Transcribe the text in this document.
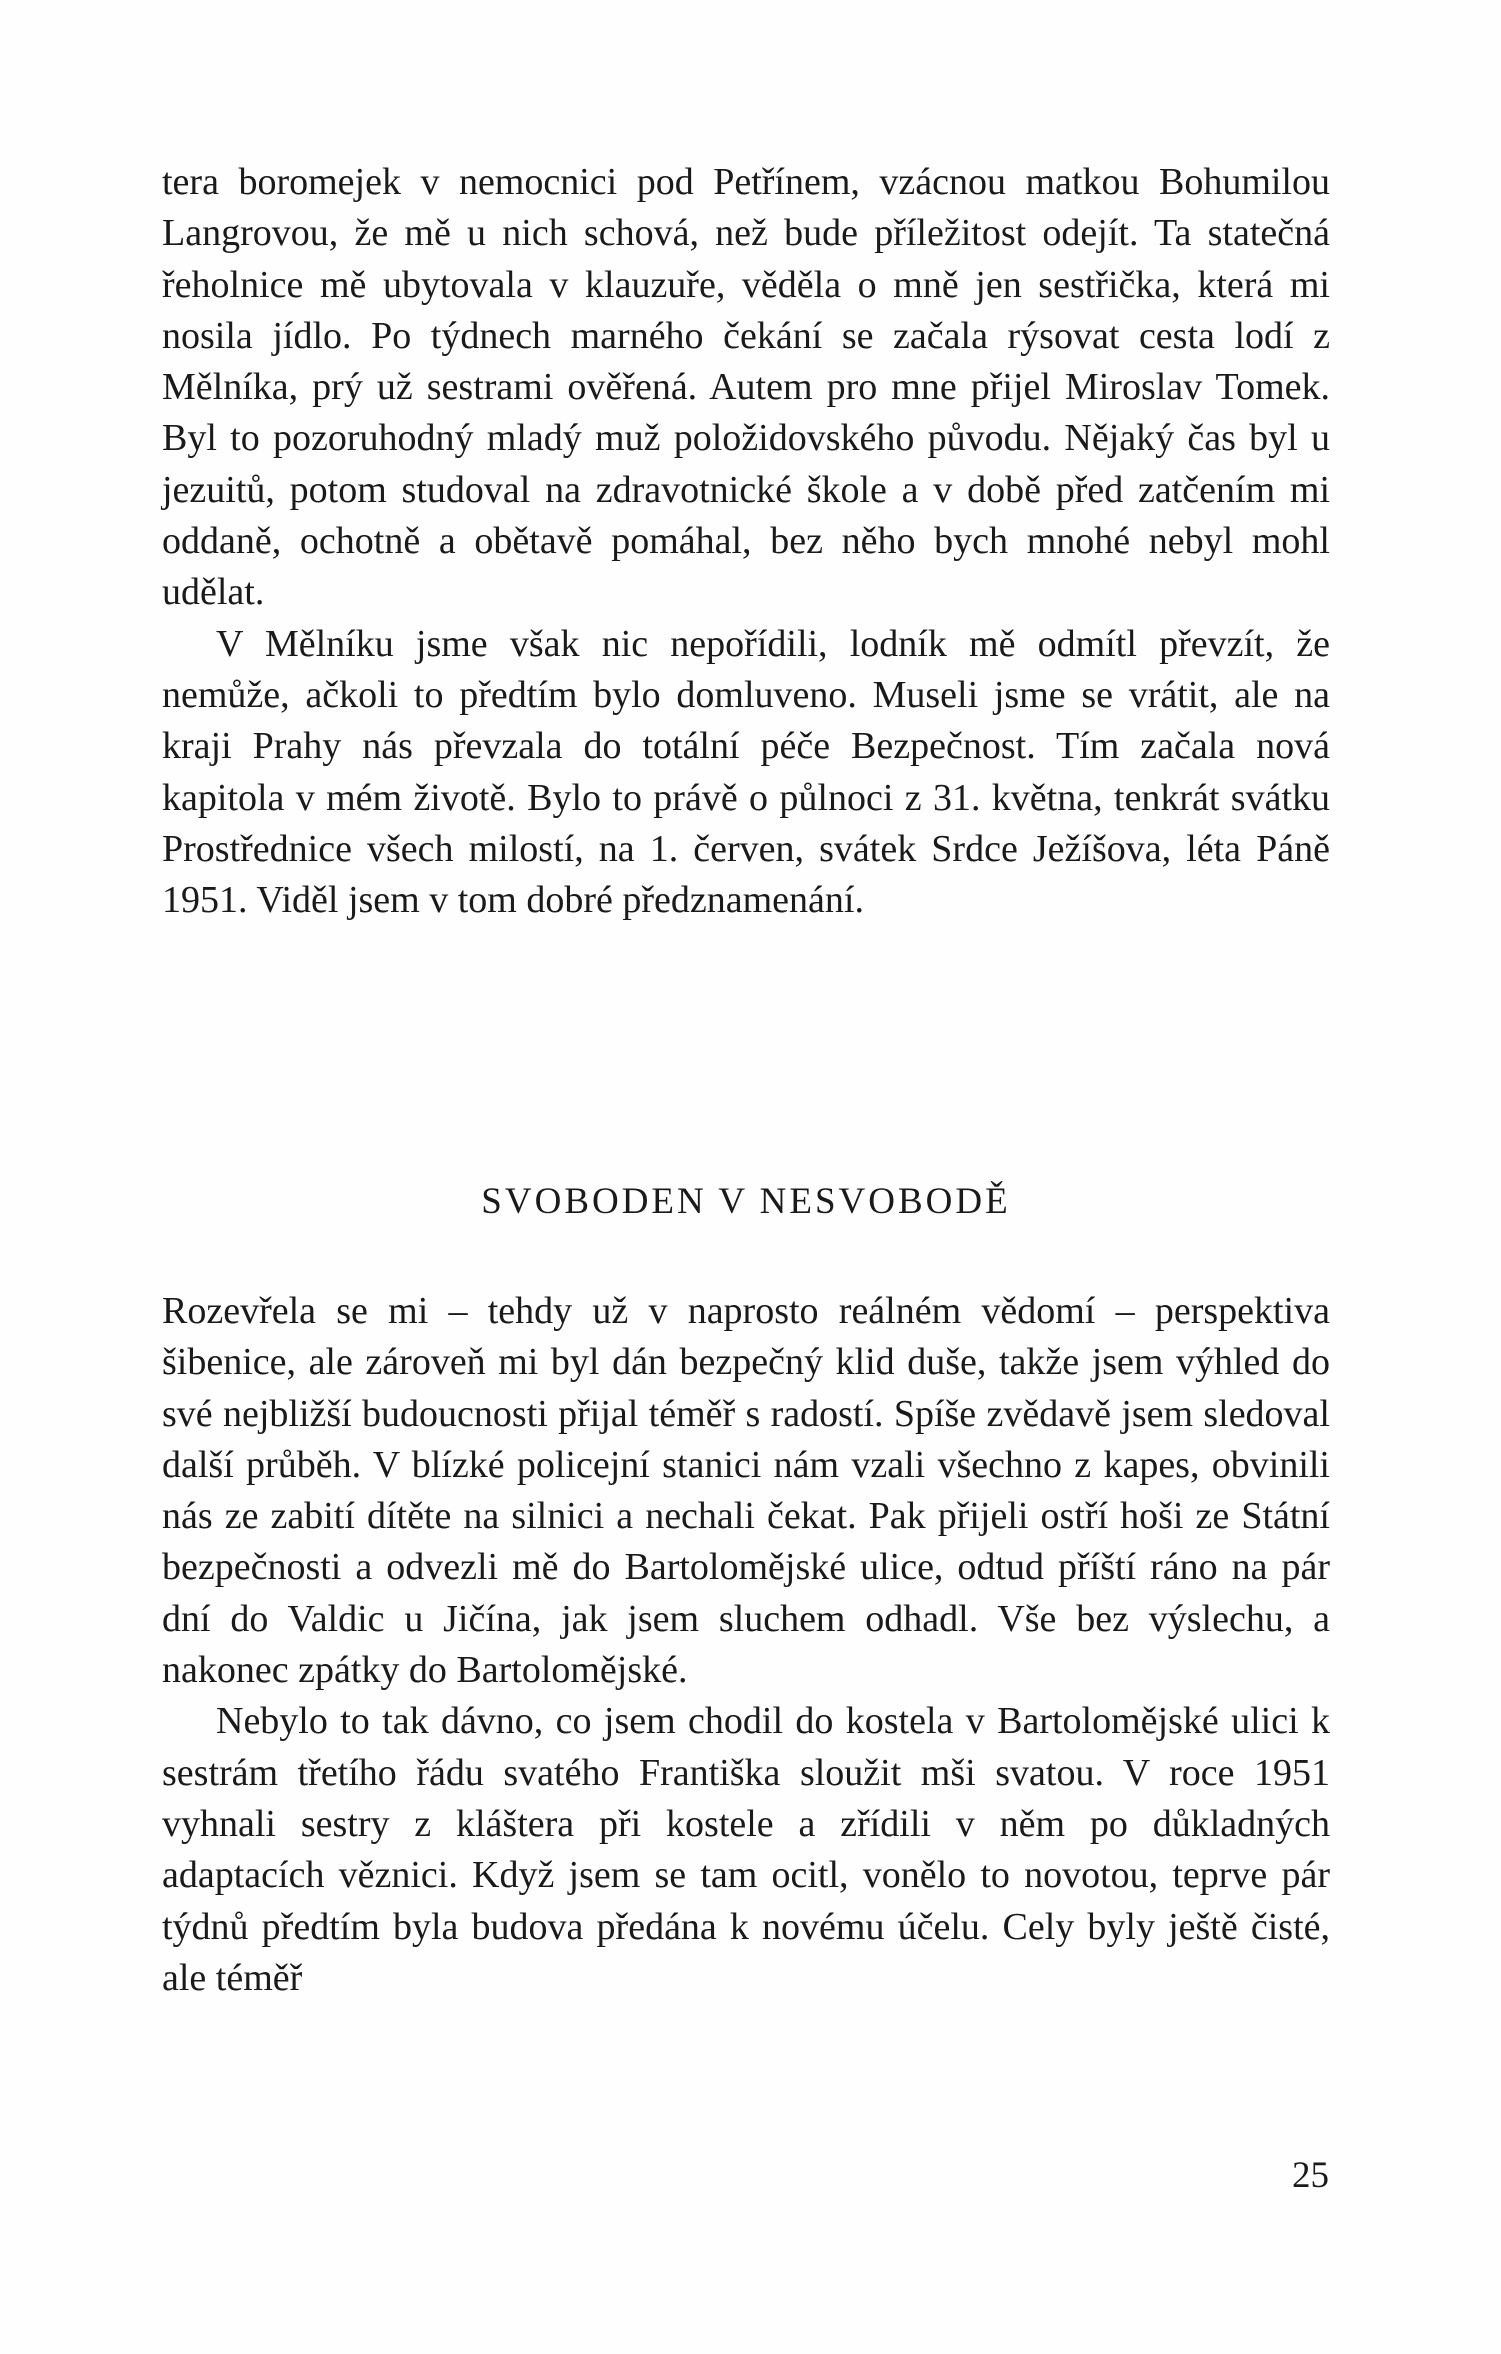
tera boromejek v nemocnici pod Petřínem, vzácnou matkou Bohumilou Langrovou, že mě u nich schová, než bude příležitost odejít. Ta statečná řeholnice mě ubytovala v klauzuře, věděla o mně jen sestřička, která mi nosila jídlo. Po týdnech marného čekání se začala rýsovat cesta lodí z Mělníka, prý už sestrami ověřená. Autem pro mne přijel Miroslav Tomek. Byl to pozoruhodný mladý muž položidovského původu. Nějaký čas byl u jezuitů, potom studoval na zdravotnické škole a v době před zatčením mi oddaně, ochotně a obětavě pomáhal, bez něho bych mnohé nebyl mohl udělat.

V Mělníku jsme však nic nepořídili, lodník mě odmítl převzít, že nemůže, ačkoli to předtím bylo domluveno. Museli jsme se vrátit, ale na kraji Prahy nás převzala do totální péče Bezpečnost. Tím začala nová kapitola v mém životě. Bylo to právě o půlnoci z 31. května, tenkrát svátku Prostřednice všech milostí, na 1. červen, svátek Srdce Ježíšova, léta Páně 1951. Viděl jsem v tom dobré předznamenání.

SVOBODEN V NESVOBODĚ

Rozevřela se mi – tehdy už v naprosto reálném vědomí – perspektiva šibenice, ale zároveň mi byl dán bezpečný klid duše, takže jsem výhled do své nejbližší budoucnosti přijal téměř s radostí. Spíše zvědavě jsem sledoval další průběh. V blízké policejní stanici nám vzali všechno z kapes, obvinili nás ze zabití dítěte na silnici a nechali čekat. Pak přijeli ostří hoši ze Státní bezpečnosti a odvezli mě do Bartolomějské ulice, odtud příští ráno na pár dní do Valdic u Jičína, jak jsem sluchem odhadl. Vše bez výslechu, a nakonec zpátky do Bartolomějské.

Nebylo to tak dávno, co jsem chodil do kostela v Bartolomějské ulici k sestrám třetího řádu svatého Františka sloužit mši svatou. V roce 1951 vyhnali sestry z kláštera při kostele a zřídili v něm po důkladných adaptacích věznici. Když jsem se tam ocitl, vonělo to novotou, teprve pár týdnů předtím byla budova předána k novému účelu. Cely byly ještě čisté, ale téměř

25
